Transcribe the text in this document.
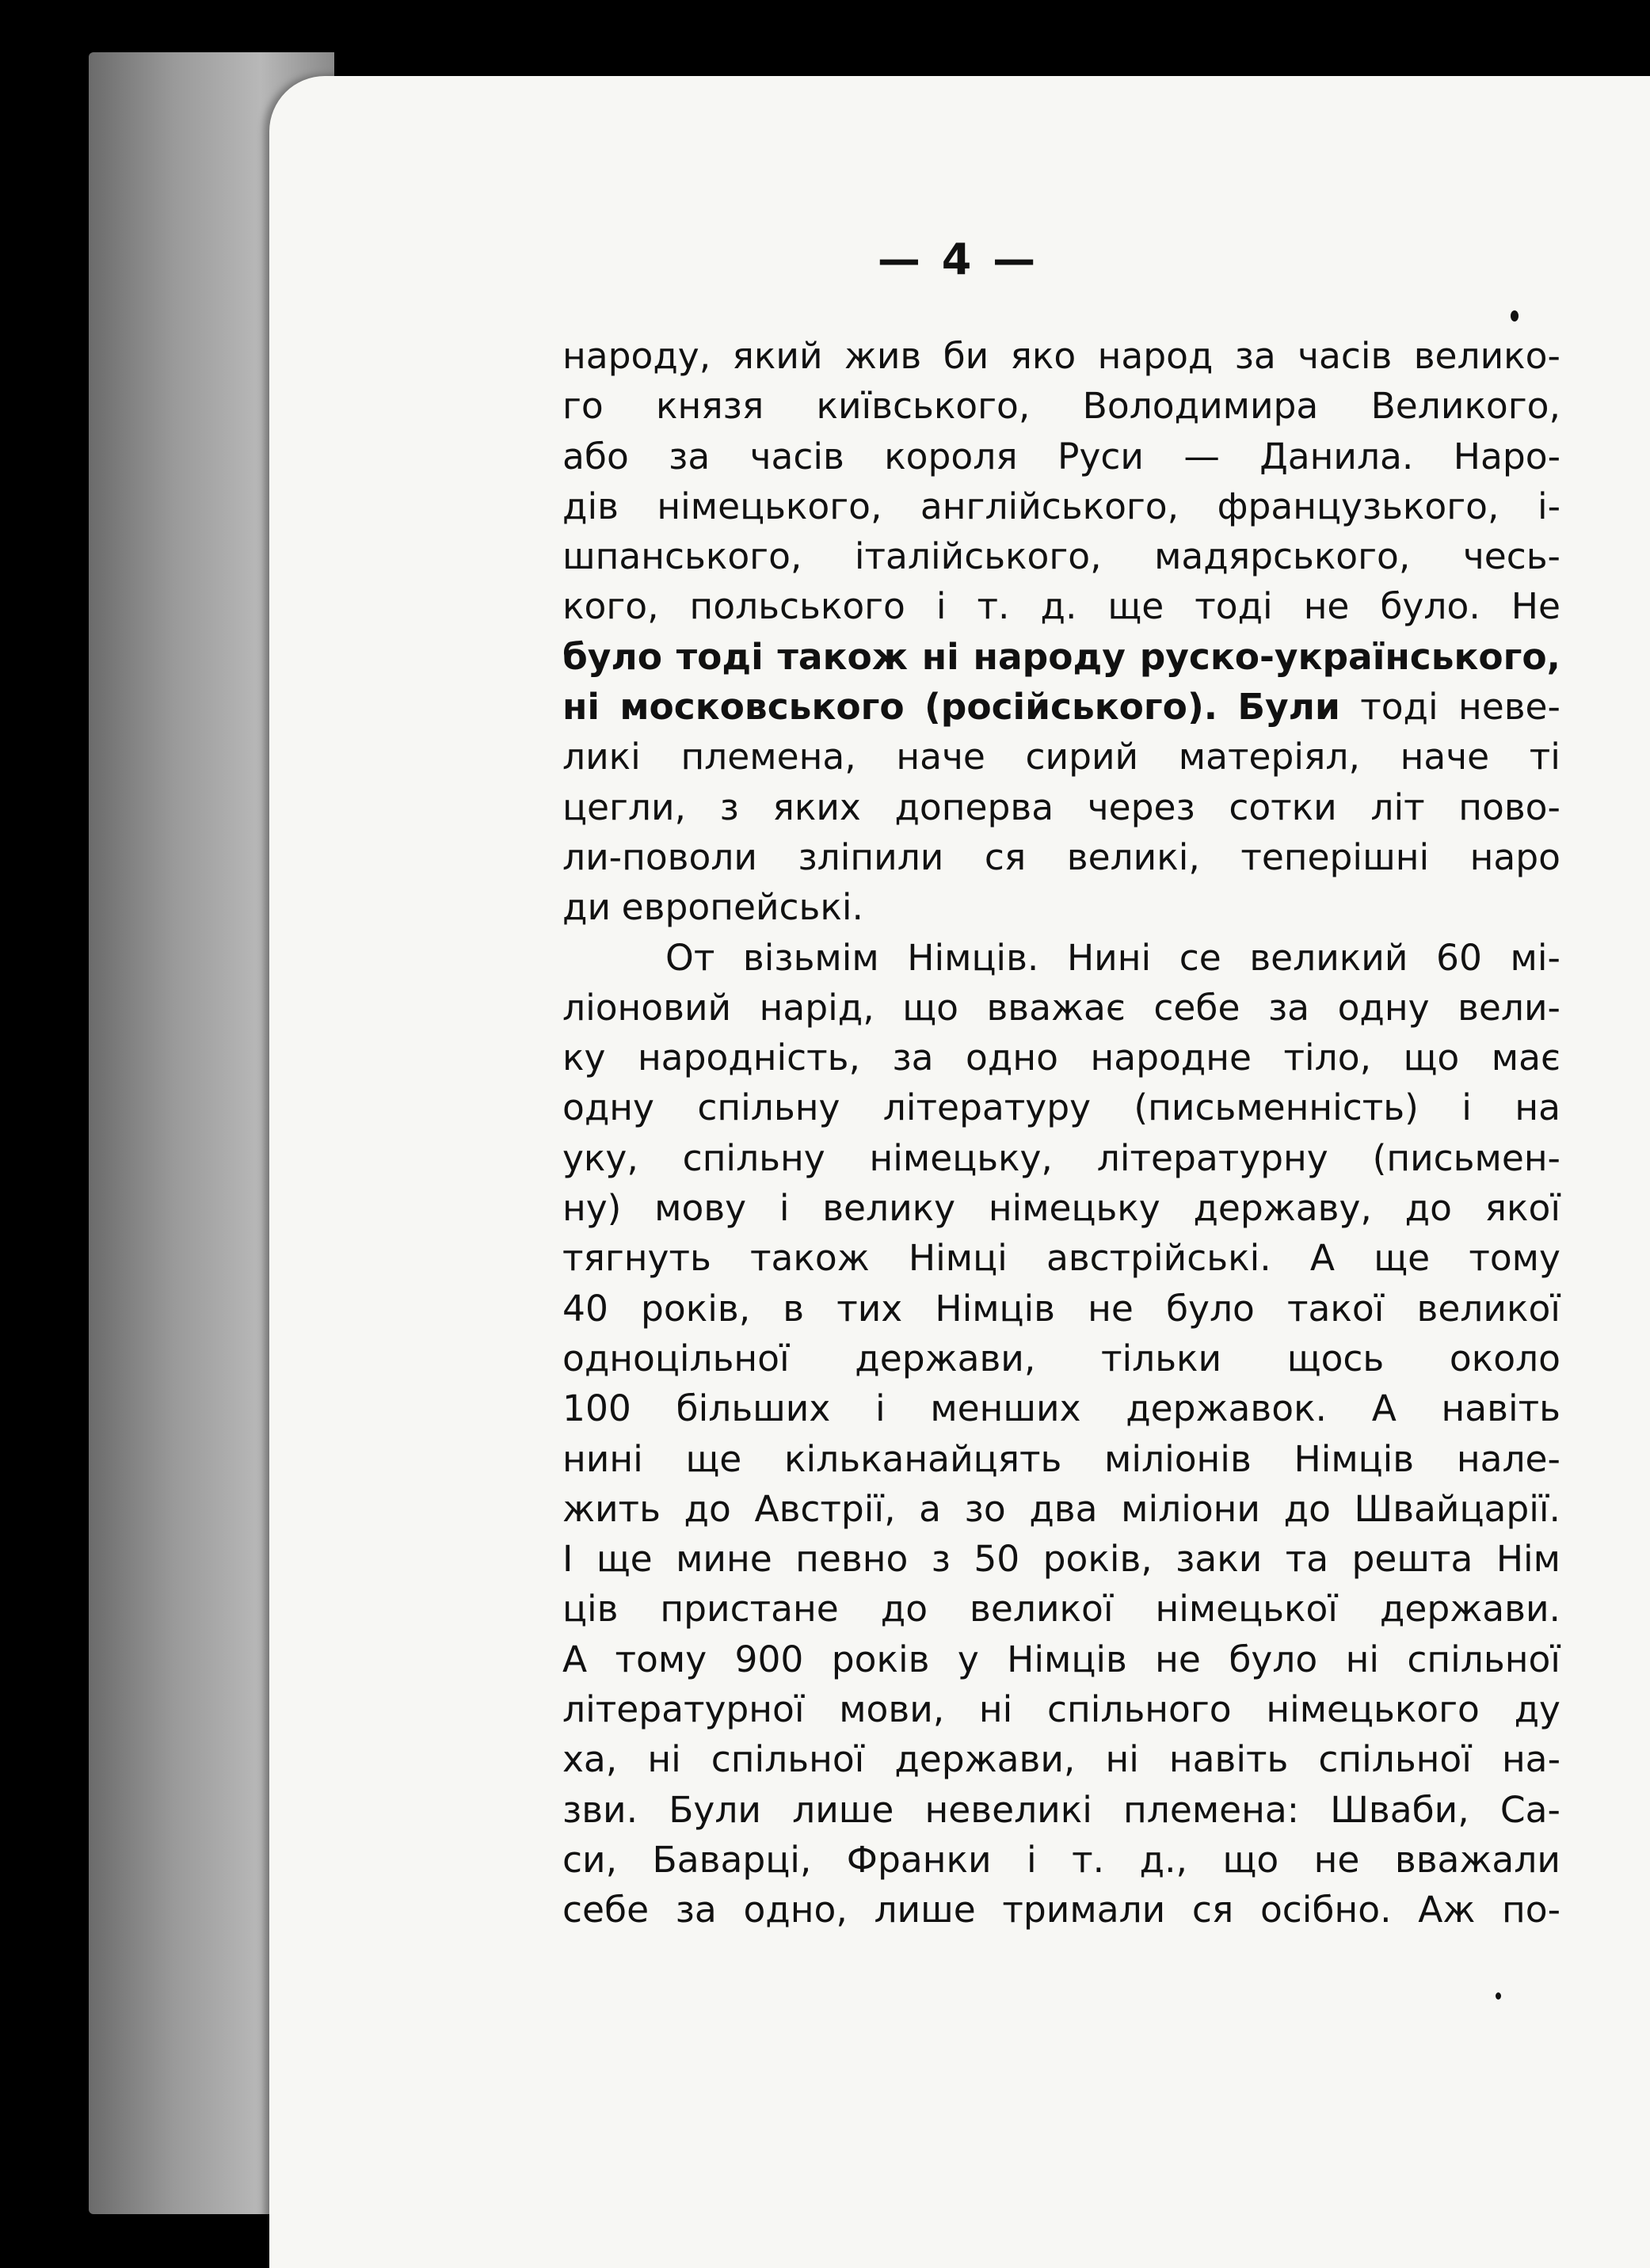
— 4 —
народу, який жив би яко народ за часів велико-
го князя київського, Володимира Великого,
або за часів короля Руси — Данила. Наро-
дів німецького, англійського, французького, і-
шпанського, італійського, мадярського, чесь-
кого, польського і т. д. ще тоді не було. Не
було тоді також ні народу руско-українського,
ні московського (російського). Були тоді неве-
ликі племена, наче сирий матеріял, наче ті
цегли, з яких доперва через сотки літ пово-
ли-поволи зліпили ся великі, теперішні наро
ди европейські.
От візьмім Німців. Нині се великий 60 мі-
ліоновий нарід, що вважає себе за одну вели-
ку народність, за одно народне тіло, що має
одну спільну літературу (письменність) і на
уку, спільну німецьку, літературну (письмен-
ну) мову і велику німецьку державу, до якої
тягнуть також Німці австрійські. А ще тому
40 років, в тих Німців не було такої великої
одноцільної держави, тільки щось около
100 більших і менших державок. А навіть
нині ще кільканайцять міліонів Німців нале-
жить до Австрії, а зо два міліони до Швайцарії.
І ще мине певно з 50 років, заки та решта Нім
ців пристане до великої німецької держави.
А тому 900 років у Німців не було ні спільної
літературної мови, ні спільного німецького ду
ха, ні спільної держави, ні навіть спільної на-
зви. Були лише невеликі племена: Шваби, Са-
си, Баварці, Франки і т. д., що не вважали
себе за одно, лише тримали ся осібно. Аж по-
